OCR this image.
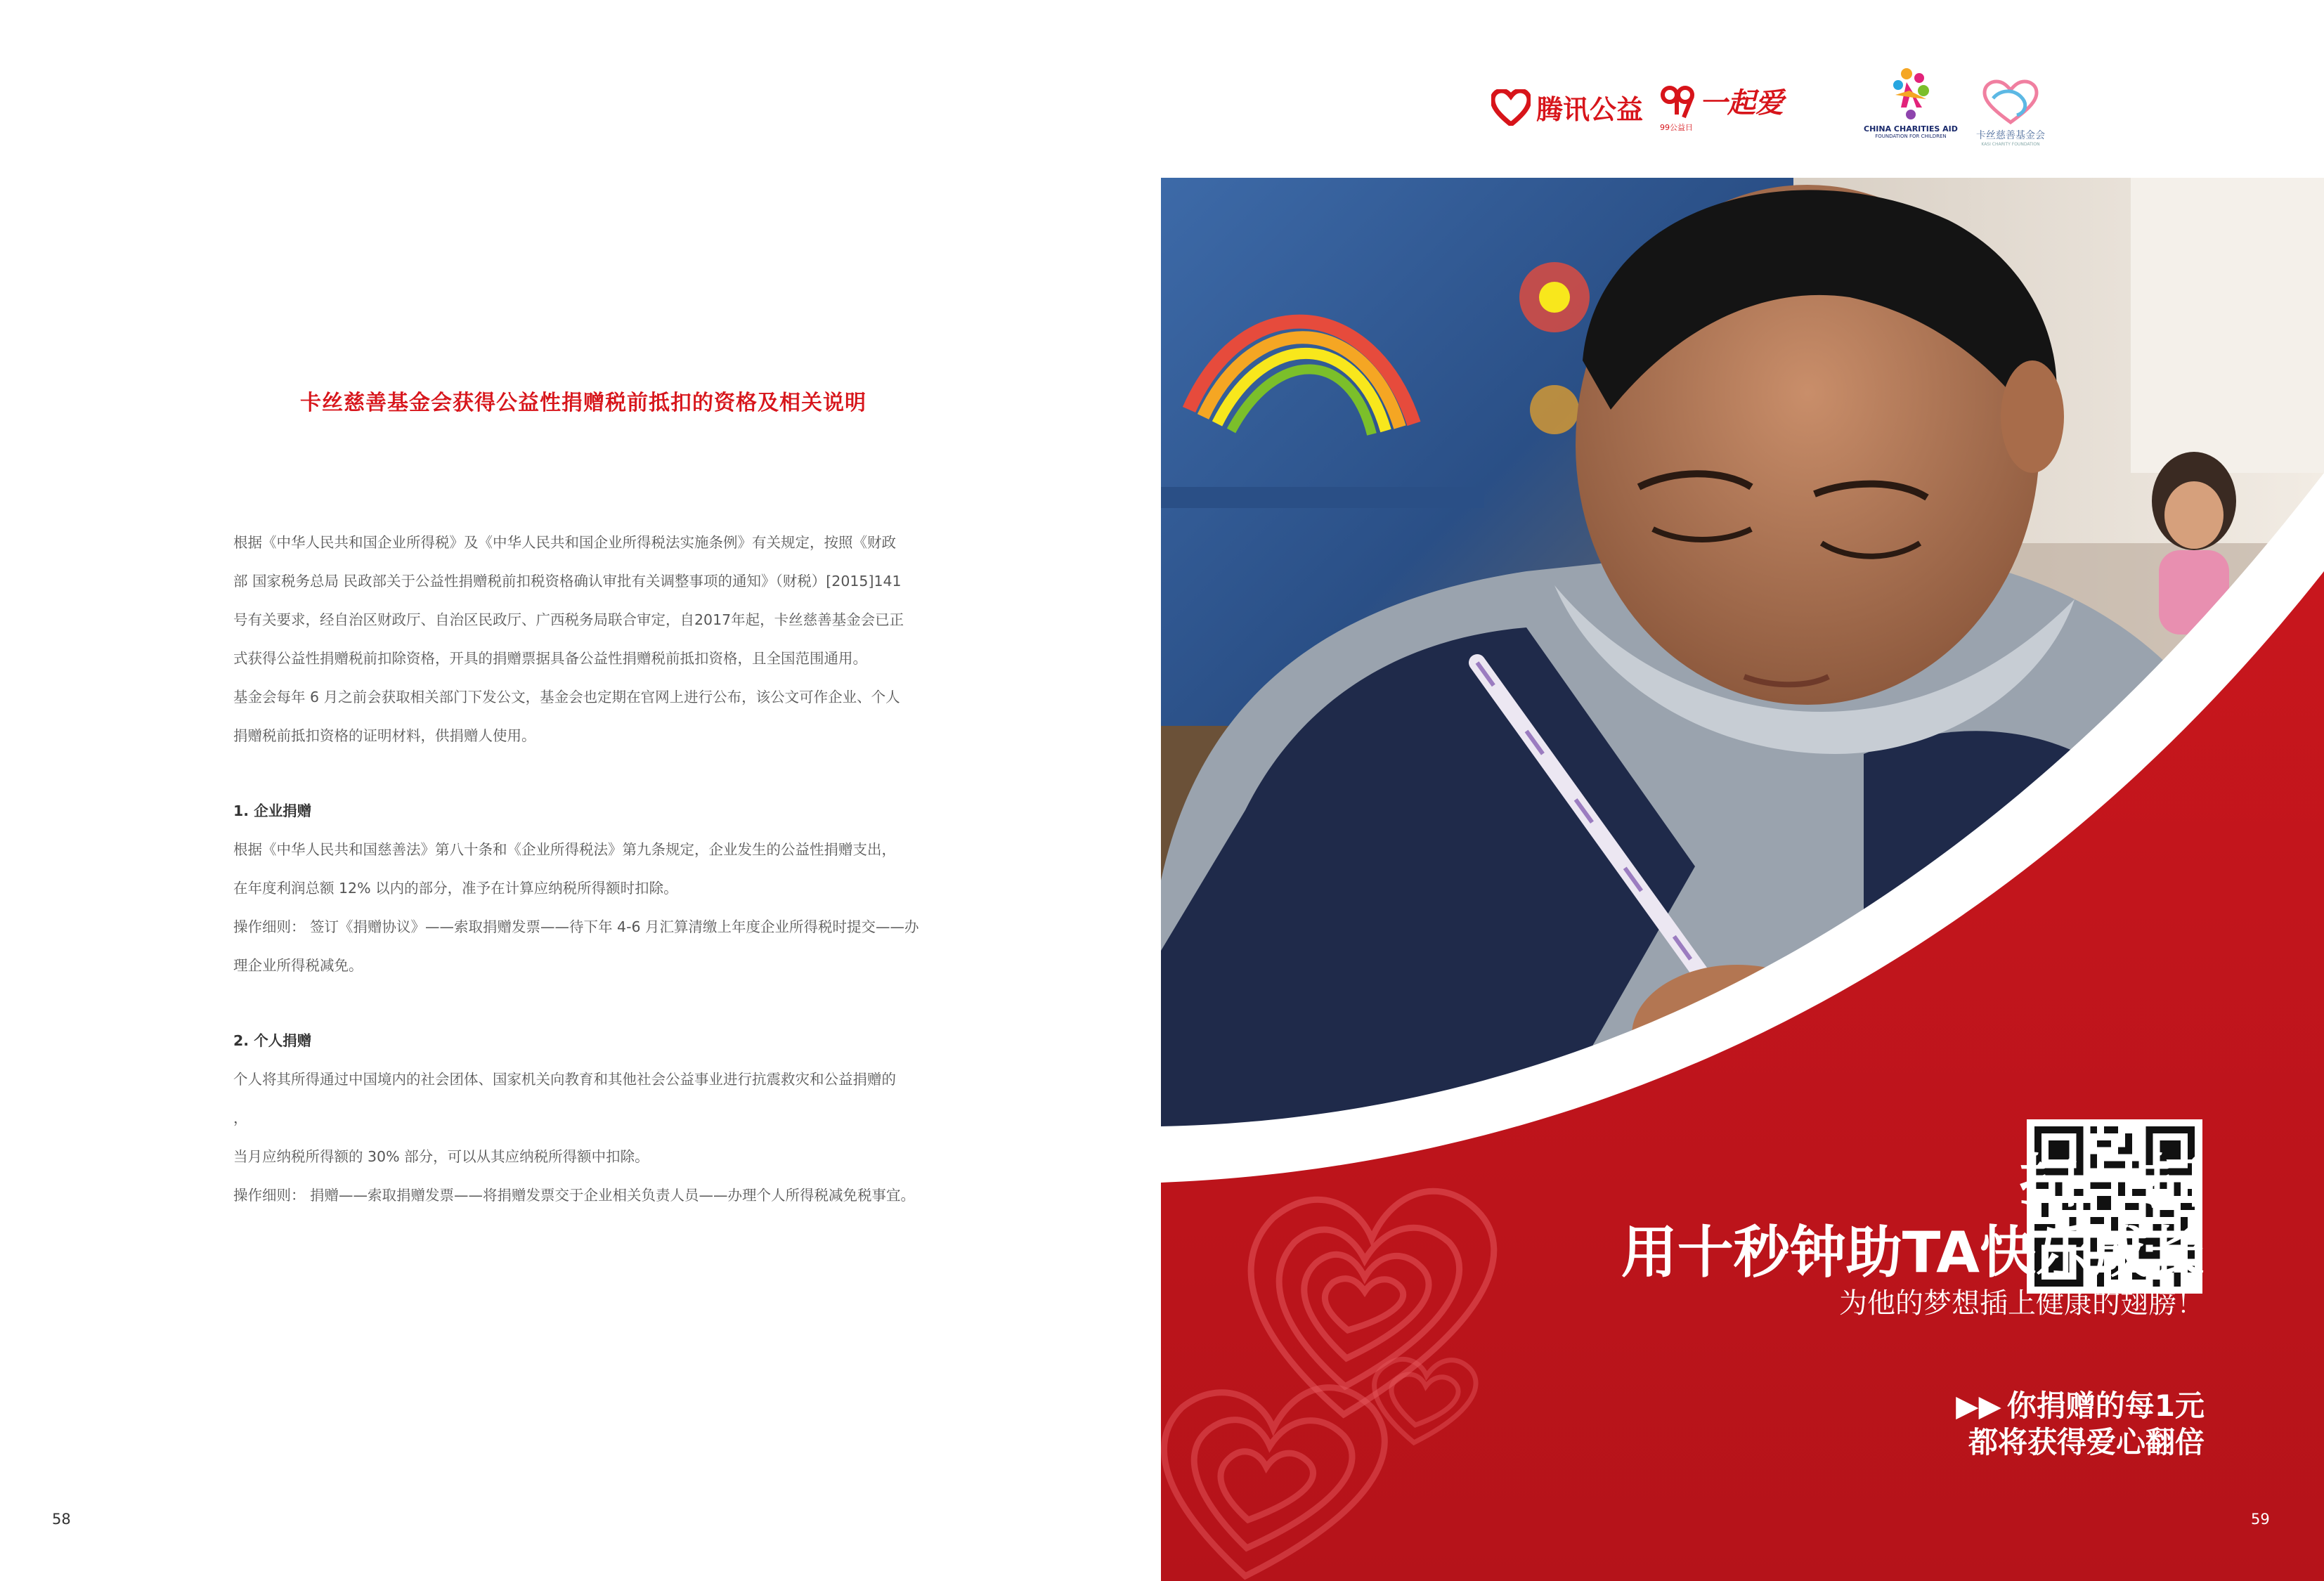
卡丝慈善基金会获得公益性捐赠税前抵扣的资格及相关说明
根据《中华人民共和国企业所得税》及《中华人民共和国企业所得税法实施条例》有关规定，按照《财政
部 国家税务总局 民政部关于公益性捐赠税前扣税资格确认审批有关调整事项的通知》（财税）[2015]141
号有关要求，经自治区财政厅、自治区民政厅、广西税务局联合审定，自2017年起，卡丝慈善基金会已正
式获得公益性捐赠税前扣除资格，开具的捐赠票据具备公益性捐赠税前抵扣资格，且全国范围通用。
基金会每年 6 月之前会获取相关部门下发公文，基金会也定期在官网上进行公布，该公文可作企业、个人
捐赠税前抵扣资格的证明材料，供捐赠人使用。
1. 企业捐赠
根据《中华人民共和国慈善法》第八十条和《企业所得税法》第九条规定，企业发生的公益性捐赠支出，
在年度利润总额 12% 以内的部分，准予在计算应纳税所得额时扣除。
操作细则： 签订《捐赠协议》——索取捐赠发票——待下年 4-6 月汇算清缴上年度企业所得税时提交——办
理企业所得税减免。
2. 个人捐赠
个人将其所得通过中国境内的社会团体、国家机关向教育和其他社会公益事业进行抗震救灾和公益捐赠的
，
当月应纳税所得额的 30% 部分，可以从其应纳税所得额中扣除。
操作细则： 捐赠——索取捐赠发票——将捐赠发票交于企业相关负责人员——办理个人所得税减免税事宜。
58
腾讯公益 一起爱
99公益日	CHINA CHARITIES AID
FOUNDATION FOR CHILDREN	卡丝慈善基金会
KASI CHARITY FOUNDATION
扫一扫
用十秒钟助TA快乐成长
为他的梦想插上健康的翅膀！
▶▶ 你捐赠的每1元
都将获得爱心翻倍
59
